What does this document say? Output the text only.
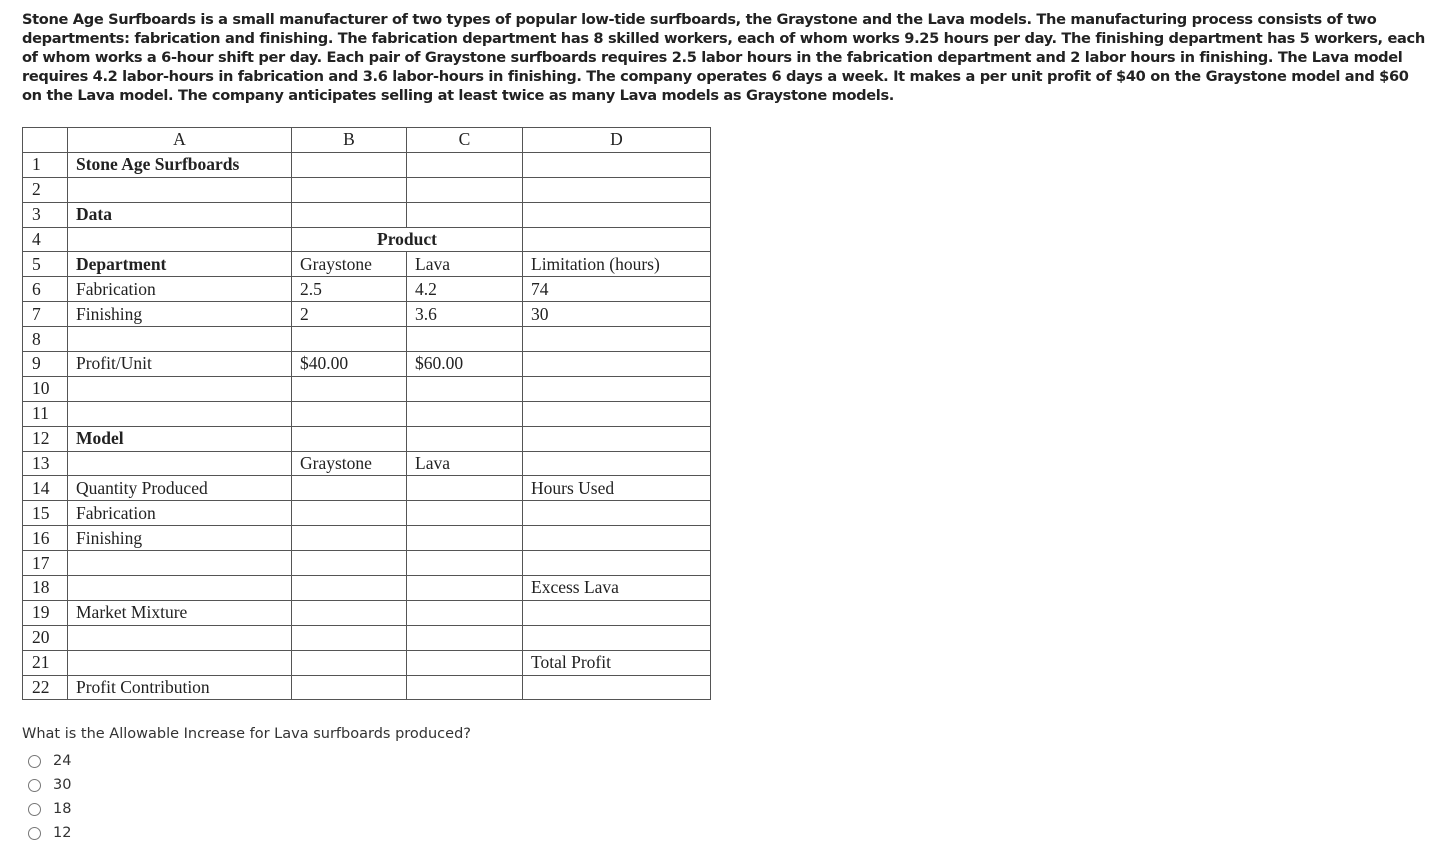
Stone Age Surfboards is a small manufacturer of two types of popular low-tide surfboards, the Graystone and the Lava models. The manufacturing process consists of two departments: fabrication and finishing. The fabrication department has 8 skilled workers, each of whom works 9.25 hours per day. The finishing department has 5 workers, each of whom works a 6-hour shift per day. Each pair of Graystone surfboards requires 2.5 labor hours in the fabrication department and 2 labor hours in finishing. The Lava model requires 4.2 labor-hours in fabrication and 3.6 labor-hours in finishing. The company operates 6 days a week. It makes a per unit profit of $40 on the Graystone model and $60 on the Lava model. The company anticipates selling at least twice as many Lava models as Graystone models.
	A	B	C	D
1	Stone Age Surfboards			
2				
3	Data			
4		Product		
5	Department	Graystone	Lava	Limitation (hours)
6	Fabrication	2.5	4.2	74
7	Finishing	2	3.6	30
8				
9	Profit/Unit	$40.00	$60.00	
10				
11				
12	Model			
13		Graystone	Lava	
14	Quantity Produced			Hours Used
15	Fabrication			
16	Finishing			
17				
18				Excess Lava
19	Market Mixture			
20				
21				Total Profit
22	Profit Contribution			
What is the Allowable Increase for Lava surfboards produced?
24
30
18
12
